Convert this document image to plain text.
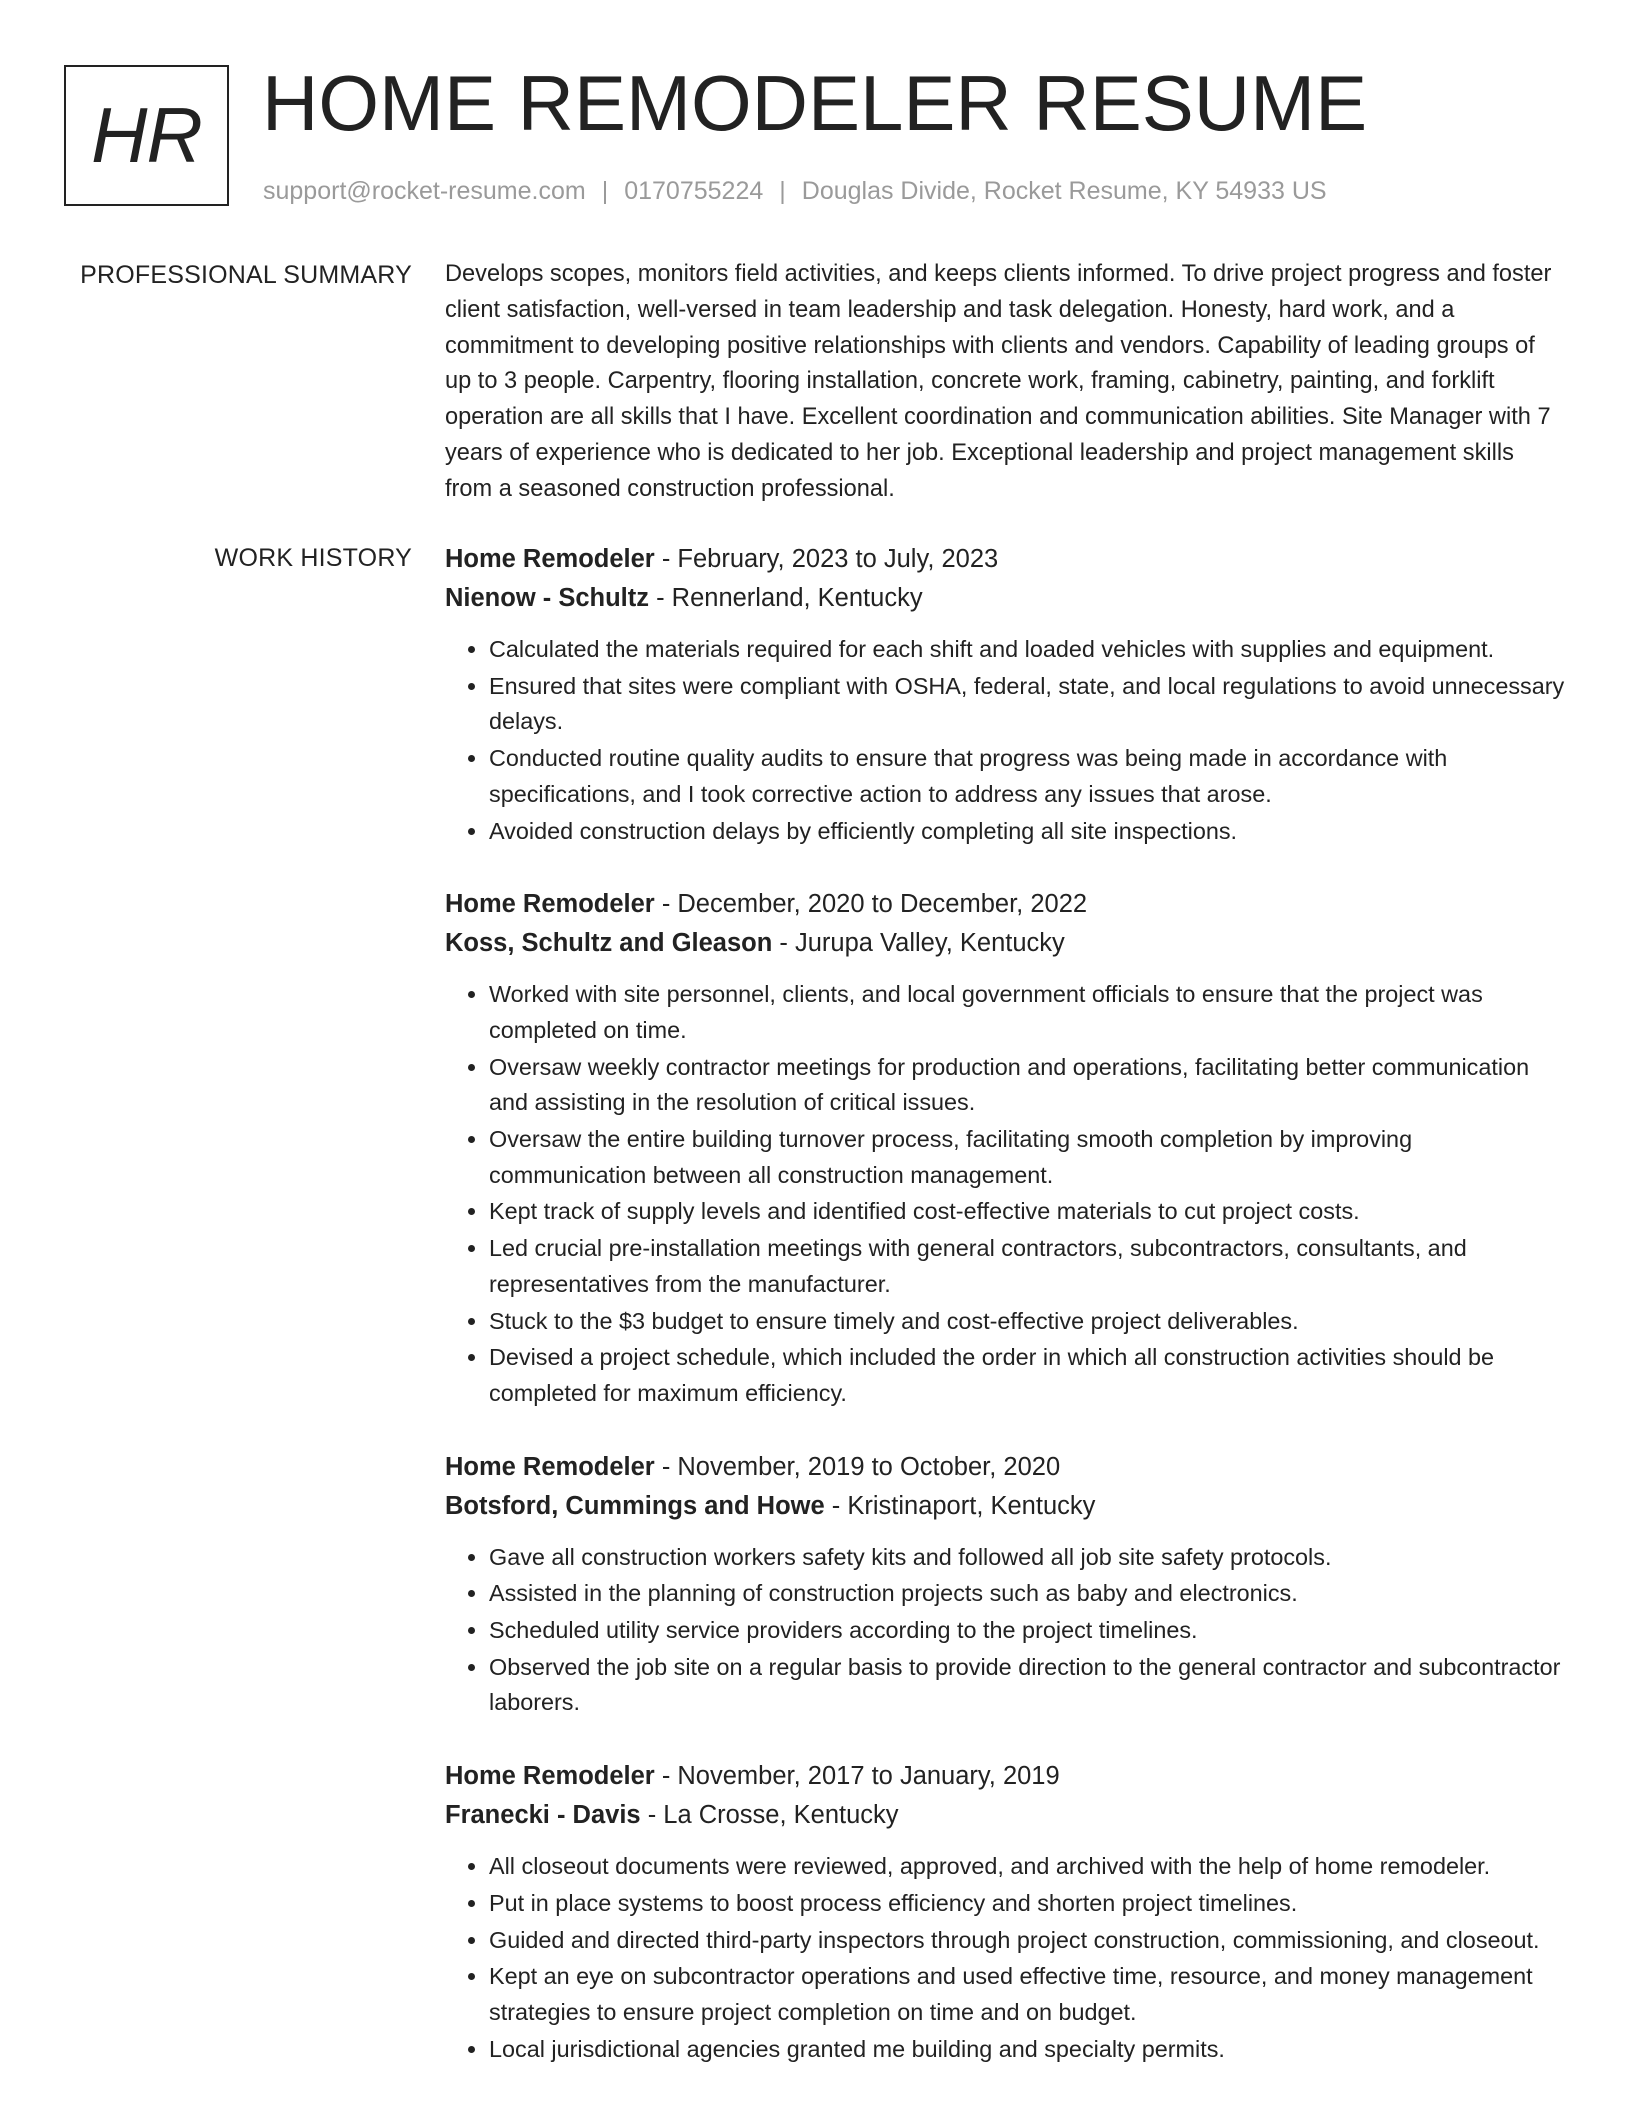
HR HOME REMODELER RESUME
support@rocket-resume.com | 0170755224 | Douglas Divide, Rocket Resume, KY 54933 US
PROFESSIONAL SUMMARY Develops scopes, monitors field activities, and keeps clients informed. To drive project progress and foster client satisfaction, well-versed in team leadership and task delegation. Honesty, hard work, and a commitment to developing positive relationships with clients and vendors. Capability of leading groups of up to 3 people. Carpentry, flooring installation, concrete work, framing, cabinetry, painting, and forklift operation are all skills that I have. Excellent coordination and communication abilities. Site Manager with 7 years of experience who is dedicated to her job. Exceptional leadership and project management skills from a seasoned construction professional.

WORK HISTORY Home Remodeler - February, 2023 to July, 2023
Nienow - Schultz - Rennerland, Kentucky
• Calculated the materials required for each shift and loaded vehicles with supplies and equipment.
• Ensured that sites were compliant with OSHA, federal, state, and local regulations to avoid unnecessary delays.
• Conducted routine quality audits to ensure that progress was being made in accordance with specifications, and I took corrective action to address any issues that arose.
• Avoided construction delays by efficiently completing all site inspections.
Home Remodeler - December, 2020 to December, 2022
Koss, Schultz and Gleason - Jurupa Valley, Kentucky
• Worked with site personnel, clients, and local government officials to ensure that the project was completed on time.
• Oversaw weekly contractor meetings for production and operations, facilitating better communication and assisting in the resolution of critical issues.
• Oversaw the entire building turnover process, facilitating smooth completion by improving communication between all construction management.
• Kept track of supply levels and identified cost-effective materials to cut project costs.
• Led crucial pre-installation meetings with general contractors, subcontractors, consultants, and representatives from the manufacturer.
• Stuck to the $3 budget to ensure timely and cost-effective project deliverables.
• Devised a project schedule, which included the order in which all construction activities should be completed for maximum efficiency.
Home Remodeler - November, 2019 to October, 2020
Botsford, Cummings and Howe - Kristinaport, Kentucky
• Gave all construction workers safety kits and followed all job site safety protocols.
• Assisted in the planning of construction projects such as baby and electronics.
• Scheduled utility service providers according to the project timelines.
• Observed the job site on a regular basis to provide direction to the general contractor and subcontractor laborers.
Home Remodeler - November, 2017 to January, 2019
Franecki - Davis - La Crosse, Kentucky
• All closeout documents were reviewed, approved, and archived with the help of home remodeler.
• Put in place systems to boost process efficiency and shorten project timelines.
• Guided and directed third-party inspectors through project construction, commissioning, and closeout.
• Kept an eye on subcontractor operations and used effective time, resource, and money management strategies to ensure project completion on time and on budget.
• Local jurisdictional agencies granted me building and specialty permits.
